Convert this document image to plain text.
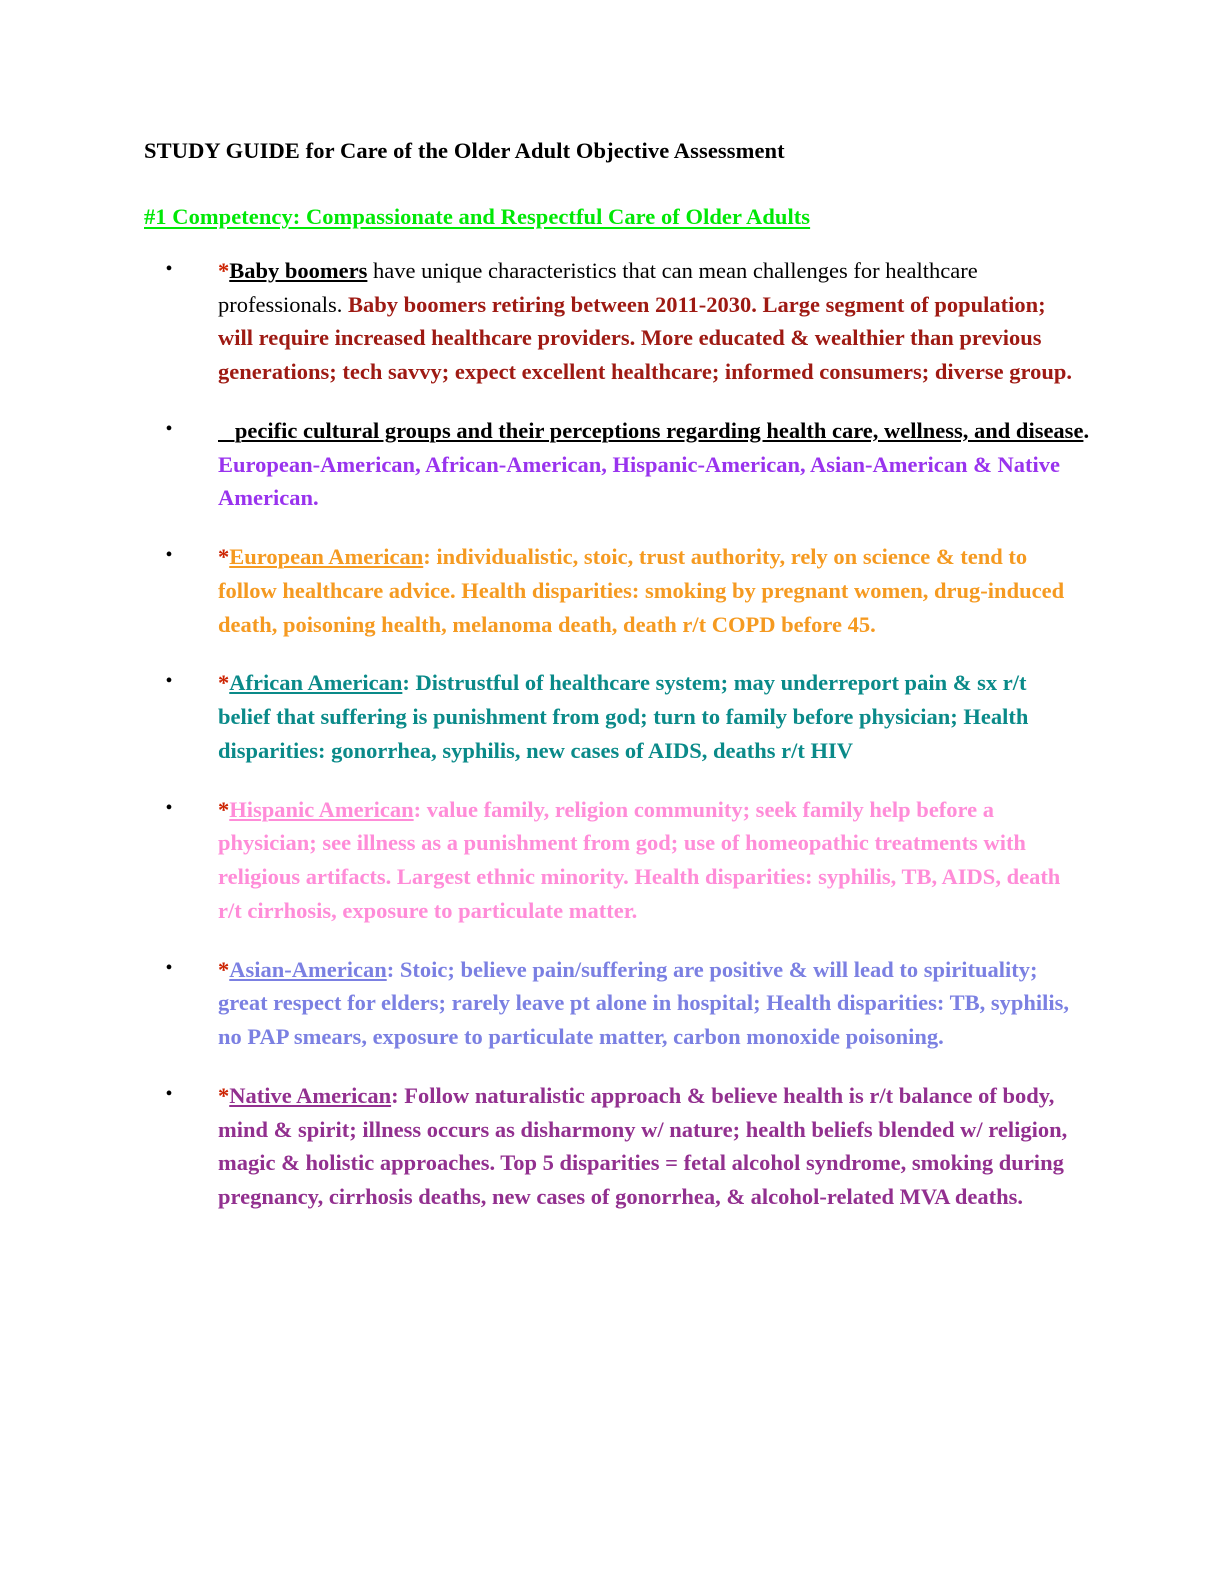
STUDY GUIDE for Care of the Older Adult Objective Assessment
#1 Competency: Compassionate and Respectful Care of Older Adults
•
*Baby boomers have unique characteristics that can mean challenges for healthcare professionals. Baby boomers retiring between 2011-2030. Large segment of population; will require increased healthcare providers. More educated & wealthier than previous generations; tech savvy; expect excellent healthcare; informed consumers; diverse group.
•
pecific cultural groups and their perceptions regarding health care, wellness, and disease. European-American, African-American, Hispanic-American, Asian-American & Native American.
•
*European American: individualistic, stoic, trust authority, rely on science & tend to follow healthcare advice. Health disparities: smoking by pregnant women, drug-induced death, poisoning health, melanoma death, death r/t COPD before 45.
•
*African American: Distrustful of healthcare system; may underreport pain & sx r/t belief that suffering is punishment from god; turn to family before physician; Health disparities: gonorrhea, syphilis, new cases of AIDS, deaths r/t HIV
•
*Hispanic American: value family, religion community; seek family help before a physician; see illness as a punishment from god; use of homeopathic treatments with religious artifacts. Largest ethnic minority. Health disparities: syphilis, TB, AIDS, death r/t cirrhosis, exposure to particulate matter.
•
*Asian-American: Stoic; believe pain/suffering are positive & will lead to spirituality; great respect for elders; rarely leave pt alone in hospital; Health disparities: TB, syphilis, no PAP smears, exposure to particulate matter, carbon monoxide poisoning.
•
*Native American: Follow naturalistic approach & believe health is r/t balance of body, mind & spirit; illness occurs as disharmony w/ nature; health beliefs blended w/ religion, magic & holistic approaches. Top 5 disparities = fetal alcohol syndrome, smoking during pregnancy, cirrhosis deaths, new cases of gonorrhea, & alcohol-related MVA deaths.
